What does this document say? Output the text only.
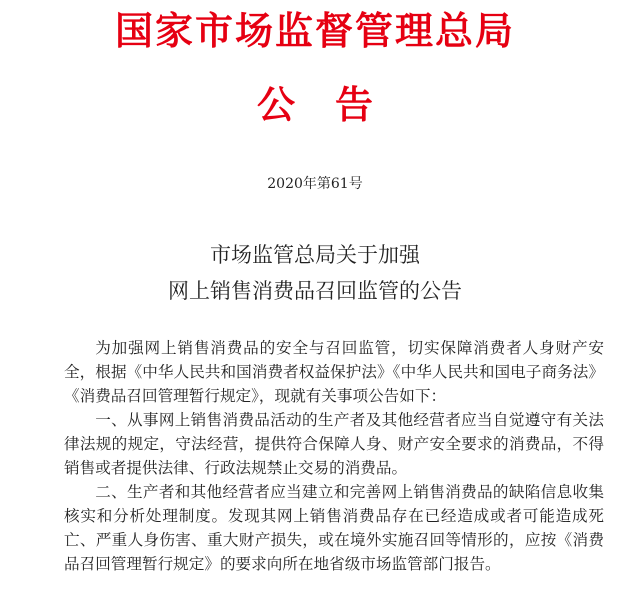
国家市场监督管理总局
公告
2020年第61号
市场监管总局关于加强
网上销售消费品召回监管的公告

为加强网上销售消费品的安全与召回监管，切实保障消费者人身财产安全，根据《中华人民共和国消费者权益保护法》《中华人民共和国电子商务法》《消费品召回管理暂行规定》，现就有关事项公告如下：

一、从事网上销售消费品活动的生产者及其他经营者应当自觉遵守有关法律法规的规定，守法经营，提供符合保障人身、财产安全要求的消费品，不得销售或者提供法律、行政法规禁止交易的消费品。

二、生产者和其他经营者应当建立和完善网上销售消费品的缺陷信息收集核实和分析处理制度。发现其网上销售消费品存在已经造成或者可能造成死亡、严重人身伤害、重大财产损失，或在境外实施召回等情形的，应按《消费品召回管理暂行规定》的要求向所在地省级市场监管部门报告。
